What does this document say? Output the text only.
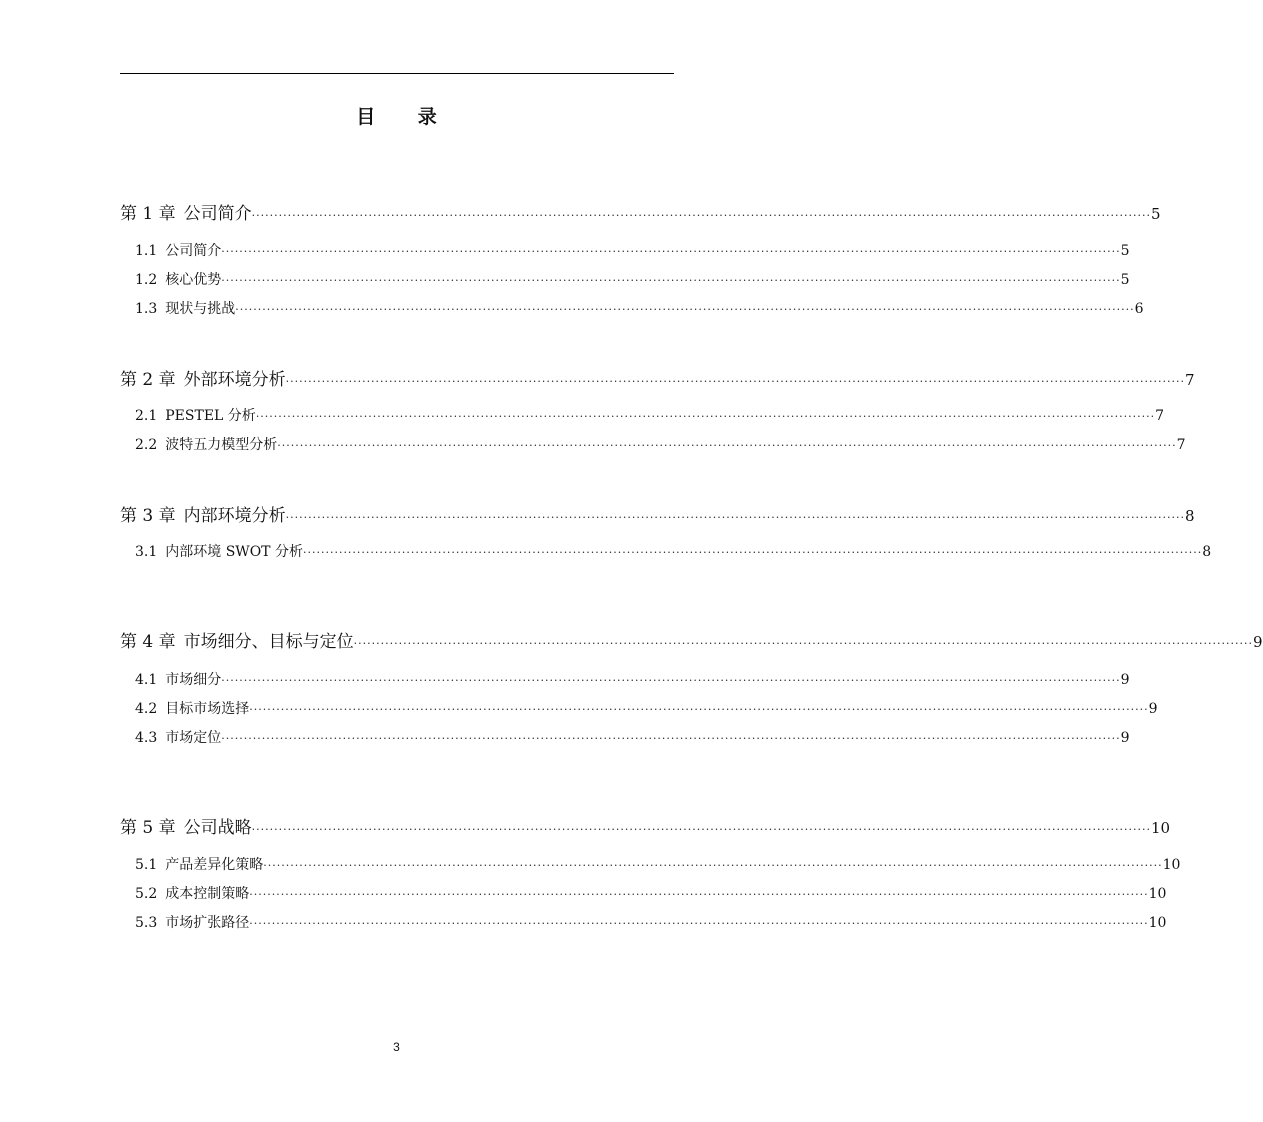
目 录
第 1 章 公司简介 ········································································································································································································ 5
1.1 公司简介 ········································································································································································································ 5
1.2 核心优势 ········································································································································································································ 5
1.3 现状与挑战 ········································································································································································································ 6
第 2 章 外部环境分析 ········································································································································································································ 7
2.1 PESTEL 分析 ········································································································································································································ 7
2.2 波特五力模型分析 ········································································································································································································ 7
第 3 章 内部环境分析 ········································································································································································································ 8
3.1 内部环境 SWOT 分析 ········································································································································································································ 8
第 4 章 市场细分、目标与定位 ········································································································································································································ 9
4.1 市场细分 ········································································································································································································ 9
4.2 目标市场选择 ········································································································································································································ 9
4.3 市场定位 ········································································································································································································ 9
第 5 章 公司战略 ········································································································································································································ 10
5.1 产品差异化策略 ········································································································································································································ 10
5.2 成本控制策略 ········································································································································································································ 10
5.3 市场扩张路径 ········································································································································································································ 10
3
